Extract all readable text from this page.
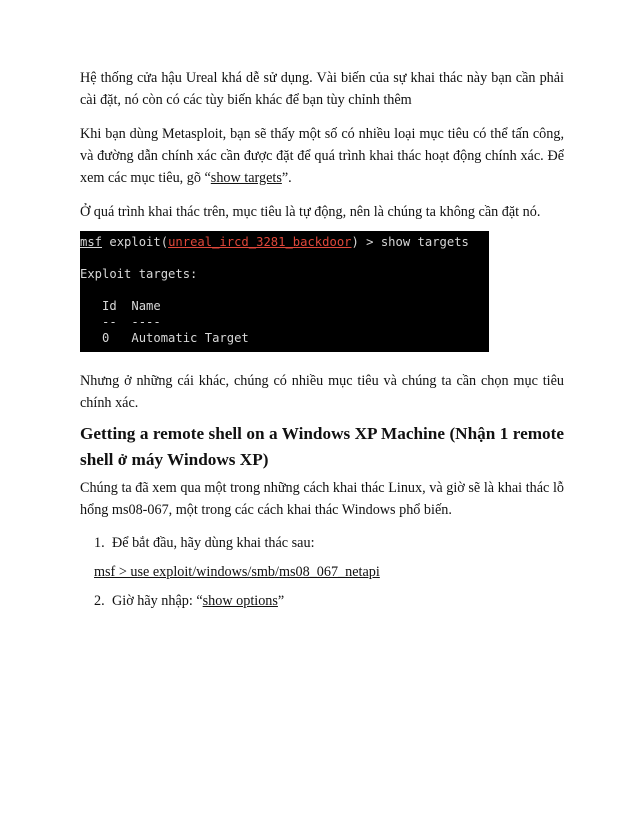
Hệ thống cửa hậu Ureal khá dễ sử dụng. Vài biến của sự khai thác này bạn cần phải cài đặt, nó còn có các tùy biến khác để bạn tùy chỉnh thêm

Khi bạn dùng Metasploit, bạn sẽ thấy một số có nhiều loại mục tiêu có thể tấn công, và đường dẫn chính xác cần được đặt để quá trình khai thác hoạt động chính xác. Để xem các mục tiêu, gõ “show targets”.

Ở quá trình khai thác trên, mục tiêu là tự động, nên là chúng ta không cần đặt nó.

msf exploit(unreal_ircd_3281_backdoor) > show targets
Exploit targets:
Id  Name
--  ----
0   Automatic Target

Nhưng ở những cái khác, chúng có nhiều mục tiêu và chúng ta cần chọn mục tiêu chính xác.

Getting a remote shell on a Windows XP Machine (Nhận 1 remote shell ở máy Windows XP)

Chúng ta đã xem qua một trong những cách khai thác Linux, và giờ sẽ là khai thác lỗ hổng ms08-067, một trong các cách khai thác Windows phổ biến.

1. Để bắt đầu, hãy dùng khai thác sau:

msf > use exploit/windows/smb/ms08_067_netapi

2. Giờ hãy nhập: “show options”
